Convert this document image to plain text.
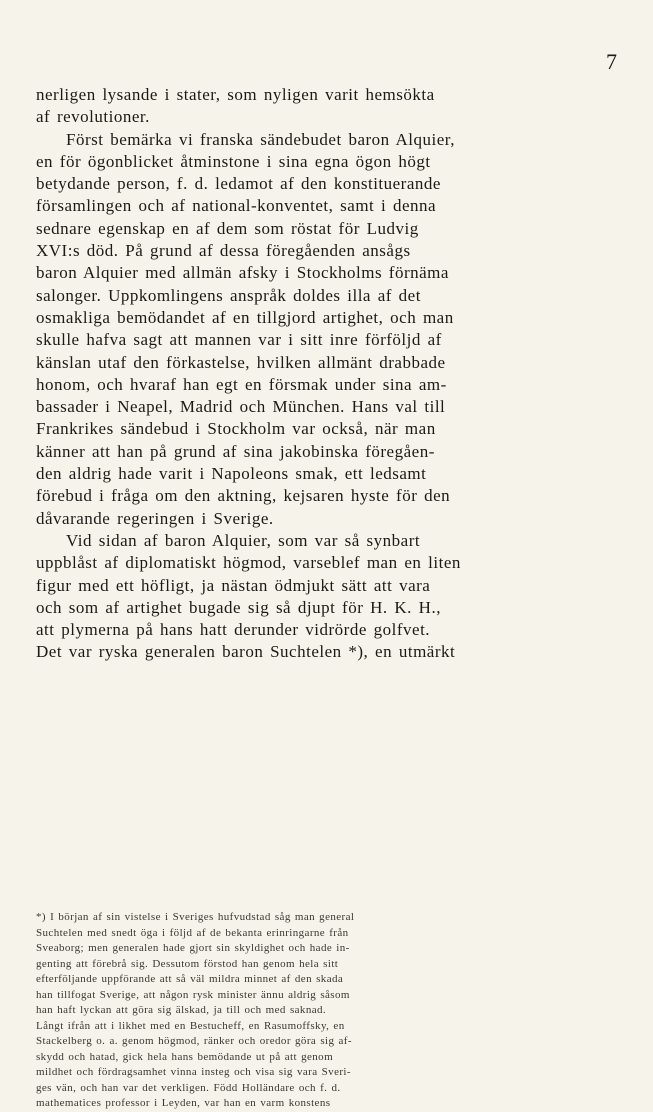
7
nerligen lysande i stater, som nyligen varit hemsökta
af revolutioner.
Först bemärka vi franska sändebudet baron Alquier,
en för ögonblicket åtminstone i sina egna ögon högt
betydande person, f. d. ledamot af den konstituerande
församlingen och af national-konventet, samt i denna
sednare egenskap en af dem som röstat för Ludvig
XVI:s död. På grund af dessa föregåenden ansågs
baron Alquier med allmän afsky i Stockholms förnäma
salonger. Uppkomlingens anspråk doldes illa af det
osmakliga bemödandet af en tillgjord artighet, och man
skulle hafva sagt att mannen var i sitt inre förföljd af
känslan utaf den förkastelse, hvilken allmänt drabbade
honom, och hvaraf han egt en försmak under sina am-
bassader i Neapel, Madrid och München. Hans val till
Frankrikes sändebud i Stockholm var också, när man
känner att han på grund af sina jakobinska föregåen-
den aldrig hade varit i Napoleons smak, ett ledsamt
förebud i fråga om den aktning, kejsaren hyste för den
dåvarande regeringen i Sverige.
Vid sidan af baron Alquier, som var så synbart
uppblåst af diplomatiskt högmod, varseblef man en liten
figur med ett höfligt, ja nästan ödmjukt sätt att vara
och som af artighet bugade sig så djupt för H. K. H.,
att plymerna på hans hatt derunder vidrörde golfvet.
Det var ryska generalen baron Suchtelen *), en utmärkt
*) I början af sin vistelse i Sveriges hufvudstad såg man general
Suchtelen med snedt öga i följd af de bekanta erinringarne från
Sveaborg; men generalen hade gjort sin skyldighet och hade in-
genting att förebrå sig. Dessutom förstod han genom hela sitt
efterföljande uppförande att så väl mildra minnet af den skada
han tillfogat Sverige, att någon rysk minister ännu aldrig såsom
han haft lyckan att göra sig älskad, ja till och med saknad.
Långt ifrån att i likhet med en Bestucheff, en Rasumoffsky, en
Stackelberg o. a. genom högmod, ränker och oredor göra sig af-
skydd och hatad, gick hela hans bemödande ut på att genom
mildhet och fördragsamhet vinna insteg och visa sig vara Sveri-
ges vän, och han var det verkligen. Född Holländare och f. d.
mathematices professor i Leyden, var han en varm konstens
